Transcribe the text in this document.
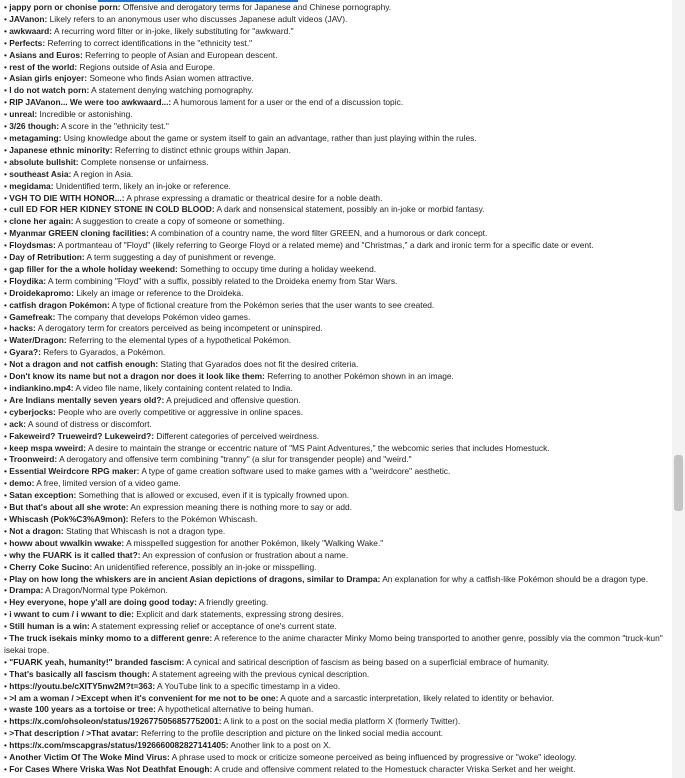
• jappy porn or chonise porn: Offensive and derogatory terms for Japanese and Chinese pornography.
• JAVanon: Likely refers to an anonymous user who discusses Japanese adult videos (JAV).
• awkwaard: A recurring word filter or in-joke, likely substituting for "awkward."
• Perfects: Referring to correct identifications in the "ethnicity test."
• Asians and Euros: Referring to people of Asian and European descent.
• rest of the world: Regions outside of Asia and Europe.
• Asian girls enjoyer: Someone who finds Asian women attractive.
• I do not watch porn: A statement denying watching pornography.
• RIP JAVanon... We were too awkwaard...: A humorous lament for a user or the end of a discussion topic.
• unreal: Incredible or astonishing.
• 3/26 though: A score in the "ethnicity test."
• metagaming: Using knowledge about the game or system itself to gain an advantage, rather than just playing within the rules.
• Japanese ethnic minority: Referring to distinct ethnic groups within Japan.
• absolute bullshit: Complete nonsense or unfairness.
• southeast Asia: A region in Asia.
• megidama: Unidentified term, likely an in-joke or reference.
• VGH TO DIE WITH HONOR...: A phrase expressing a dramatic or theatrical desire for a noble death.
• cull ED FOR HER KIDNEY STONE IN COLD BLOOD: A dark and nonsensical statement, possibly an in-joke or morbid fantasy.
• clone her again: A suggestion to create a copy of someone or something.
• Myanmar GREEN cloning facilities: A combination of a country name, the word filter GREEN, and a humorous or dark concept.
• Floydsmas: A portmanteau of "Floyd" (likely referring to George Floyd or a related meme) and "Christmas," a dark and ironic term for a specific date or event.
• Day of Retribution: A term suggesting a day of punishment or revenge.
• gap filler for the a whole holiday weekend: Something to occupy time during a holiday weekend.
• Floydika: A term combining "Floyd" with a suffix, possibly related to the Droideka enemy from Star Wars.
• Droidekapromo: Likely an image or reference to the Droideka.
• catfish dragon Pokémon: A type of fictional creature from the Pokémon series that the user wants to see created.
• Gamefreak: The company that develops Pokémon video games.
• hacks: A derogatory term for creators perceived as being incompetent or uninspired.
• Water/Dragon: Referring to the elemental types of a hypothetical Pokémon.
• Gyara?: Refers to Gyarados, a Pokémon.
• Not a dragon and not catfish enough: Stating that Gyarados does not fit the desired criteria.
• Don't know its name but not a dragon nor does it look like them: Referring to another Pokémon shown in an image.
• indiankino.mp4: A video file name, likely containing content related to India.
• Are Indians mentally seven years old?: A prejudiced and offensive question.
• cyberjocks: People who are overly competitive or aggressive in online spaces.
• ack: A sound of distress or discomfort.
• Fakeweird? Trueweird? Lukeweird?: Different categories of perceived weirdness.
• keep mspa wweird: A desire to maintain the strange or eccentric nature of "MS Paint Adventures," the webcomic series that includes Homestuck.
• Troonweird: A derogatory and offensive term combining "tranny" (a slur for transgender people) and "weird."
• Essential Weirdcore RPG maker: A type of game creation software used to make games with a "weirdcore" aesthetic.
• demo: A free, limited version of a video game.
• Satan exception: Something that is allowed or excused, even if it is typically frowned upon.
• But that's about all she wrote: An expression meaning there is nothing more to say or add.
• Whiscash (Pok%C3%A9mon): Refers to the Pokémon Whiscash.
• Not a dragon: Stating that Whiscash is not a dragon type.
• howw about wwalkin wwake: A misspelled suggestion for another Pokémon, likely "Walking Wake."
• why the FUARK is it called that?: An expression of confusion or frustration about a name.
• Cherry Coke Sucino: An unidentified reference, possibly an in-joke or misspelling.
• Play on how long the whiskers are in ancient Asian depictions of dragons, similar to Drampa: An explanation for why a catfish-like Pokémon should be a dragon type.
• Drampa: A Dragon/Normal type Pokémon.
• Hey everyone, hope y'all are doing good today: A friendly greeting.
• i wwant to cum / i wwant to die: Explicit and dark statements, expressing strong desires.
• Still human is a win: A statement expressing relief or acceptance of one's current state.
• The truck isekais minky momo to a different genre: A reference to the anime character Minky Momo being transported to another genre, possibly via the common "truck-kun" isekai trope.
• "FUARK yeah, humanity!" branded fascism: A cynical and satirical description of fascism as being based on a superficial embrace of humanity.
• That's basically all fascism though: A statement agreeing with the previous cynical description.
• https://youtu.be/cXITY5nw2M?t=363: A YouTube link to a specific timestamp in a video.
• >I am a woman / >Except when it's convenient for me not to be one: A quote and a sarcastic interpretation, likely related to identity or behavior.
• waste 100 years as a tortoise or tree: A hypothetical alternative to being human.
• https://x.com/ohsoleon/status/1926775056857752001: A link to a post on the social media platform X (formerly Twitter).
• >That description / >That avatar: Referring to the profile description and picture on the linked social media account.
• https://x.com/mscapgras/status/1926660082827141405: Another link to a post on X.
• Another Victim Of The Woke Mind Virus: A phrase used to mock or criticize someone perceived as being influenced by progressive or "woke" ideology.
• For Cases Where Vriska Was Not Deathfat Enough: A crude and offensive comment related to the Homestuck character Vriska Serket and her weight.
